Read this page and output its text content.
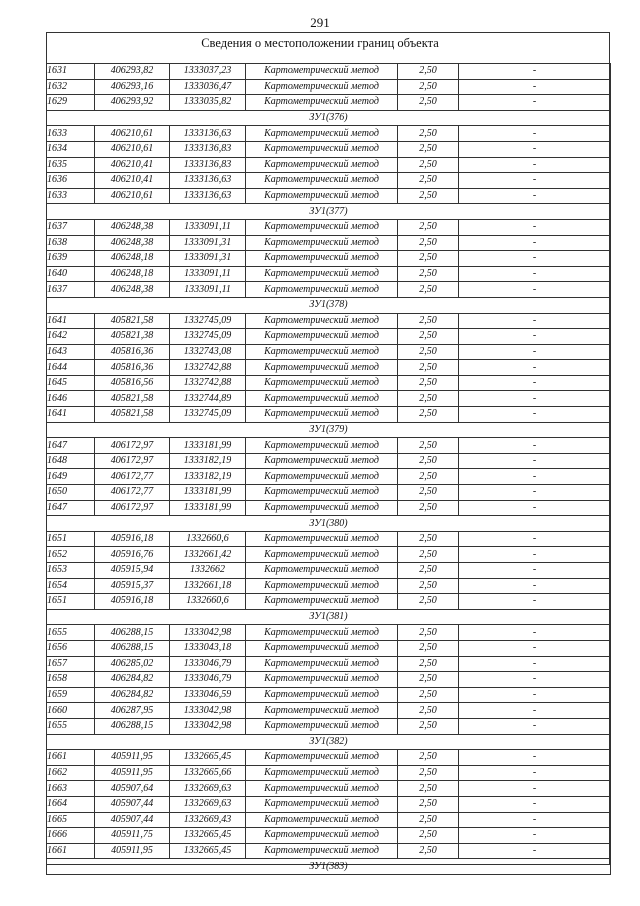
291
Сведения о местоположении границ объекта
1631	406293,82	1333037,23	Картометрический метод	2,50	-
1632	406293,16	1333036,47	Картометрический метод	2,50	-
1629	406293,92	1333035,82	Картометрический метод	2,50	-
ЗУ1(376)					
1633	406210,61	1333136,63	Картометрический метод	2,50	-
1634	406210,61	1333136,83	Картометрический метод	2,50	-
1635	406210,41	1333136,83	Картометрический метод	2,50	-
1636	406210,41	1333136,63	Картометрический метод	2,50	-
1633	406210,61	1333136,63	Картометрический метод	2,50	-
ЗУ1(377)					
1637	406248,38	1333091,11	Картометрический метод	2,50	-
1638	406248,38	1333091,31	Картометрический метод	2,50	-
1639	406248,18	1333091,31	Картометрический метод	2,50	-
1640	406248,18	1333091,11	Картометрический метод	2,50	-
1637	406248,38	1333091,11	Картометрический метод	2,50	-
ЗУ1(378)					
1641	405821,58	1332745,09	Картометрический метод	2,50	-
1642	405821,38	1332745,09	Картометрический метод	2,50	-
1643	405816,36	1332743,08	Картометрический метод	2,50	-
1644	405816,36	1332742,88	Картометрический метод	2,50	-
1645	405816,56	1332742,88	Картометрический метод	2,50	-
1646	405821,58	1332744,89	Картометрический метод	2,50	-
1641	405821,58	1332745,09	Картометрический метод	2,50	-
ЗУ1(379)					
1647	406172,97	1333181,99	Картометрический метод	2,50	-
1648	406172,97	1333182,19	Картометрический метод	2,50	-
1649	406172,77	1333182,19	Картометрический метод	2,50	-
1650	406172,77	1333181,99	Картометрический метод	2,50	-
1647	406172,97	1333181,99	Картометрический метод	2,50	-
ЗУ1(380)					
1651	405916,18	1332660,6	Картометрический метод	2,50	-
1652	405916,76	1332661,42	Картометрический метод	2,50	-
1653	405915,94	1332662	Картометрический метод	2,50	-
1654	405915,37	1332661,18	Картометрический метод	2,50	-
1651	405916,18	1332660,6	Картометрический метод	2,50	-
ЗУ1(381)					
1655	406288,15	1333042,98	Картометрический метод	2,50	-
1656	406288,15	1333043,18	Картометрический метод	2,50	-
1657	406285,02	1333046,79	Картометрический метод	2,50	-
1658	406284,82	1333046,79	Картометрический метод	2,50	-
1659	406284,82	1333046,59	Картометрический метод	2,50	-
1660	406287,95	1333042,98	Картометрический метод	2,50	-
1655	406288,15	1333042,98	Картометрический метод	2,50	-
ЗУ1(382)					
1661	405911,95	1332665,45	Картометрический метод	2,50	-
1662	405911,95	1332665,66	Картометрический метод	2,50	-
1663	405907,64	1332669,63	Картометрический метод	2,50	-
1664	405907,44	1332669,63	Картометрический метод	2,50	-
1665	405907,44	1332669,43	Картометрический метод	2,50	-
1666	405911,75	1332665,45	Картометрический метод	2,50	-
1661	405911,95	1332665,45	Картометрический метод	2,50	-
ЗУ1(383)					
